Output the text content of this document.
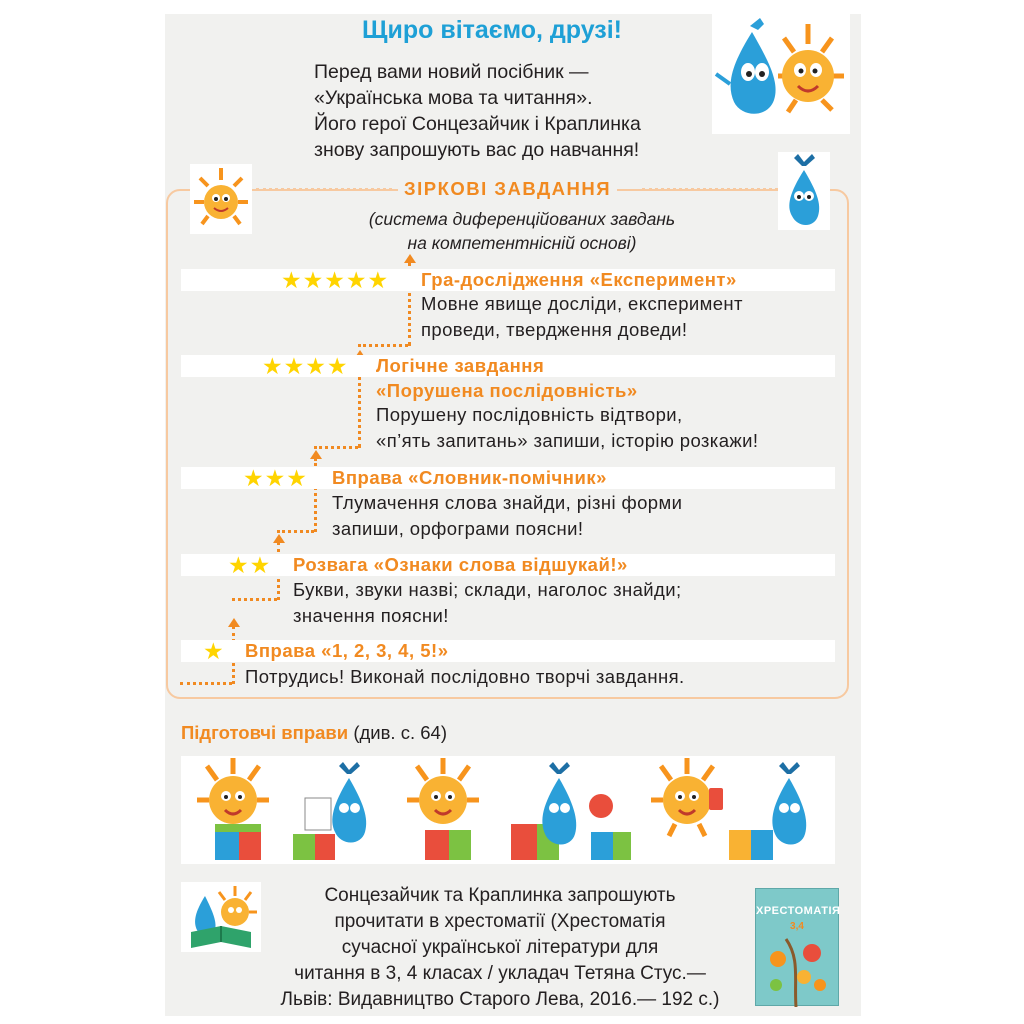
Щиро вітаємо, друзі!
Перед вами новий посібник —
«Українська мова та читання».
Його герої Сонцезайчик і Краплинка
знову запрошують вас до навчання!
ЗІРКОВІ ЗАВДАННЯ
(система диференційованих завдань
на компетентнісній основі)
★★★★★ Гра-дослідження «Експеримент»
Мовне явище досліди, експеримент
проведи, твердження доведи!
★★★★ Логічне завдання
«Порушена послідовність»
Порушену послідовність відтвори,
«п’ять запитань» запиши, історію розкажи!
★★★ Вправа «Словник-помічник»
Тлумачення слова знайди, різні форми
запиши, орфограми поясни!
★★ Розвага «Ознаки слова відшукай!»
Букви, звуки назві; склади, наголос знайди;
значення поясни!
★ Вправа «1, 2, 3, 4, 5!»
Потрудись! Виконай послідовно творчі завдання.
Підготовчі вправи (див. с. 64)
Сонцезайчик та Краплинка запрошують
прочитати в хрестоматії (Хрестоматія
сучасної української літератури для
читання в 3, 4 класах / укладач Тетяна Стус.—
Львів: Видавництво Старого Лева, 2016.— 192 с.)
ХРЕСТОМАТІЯ
3,4
